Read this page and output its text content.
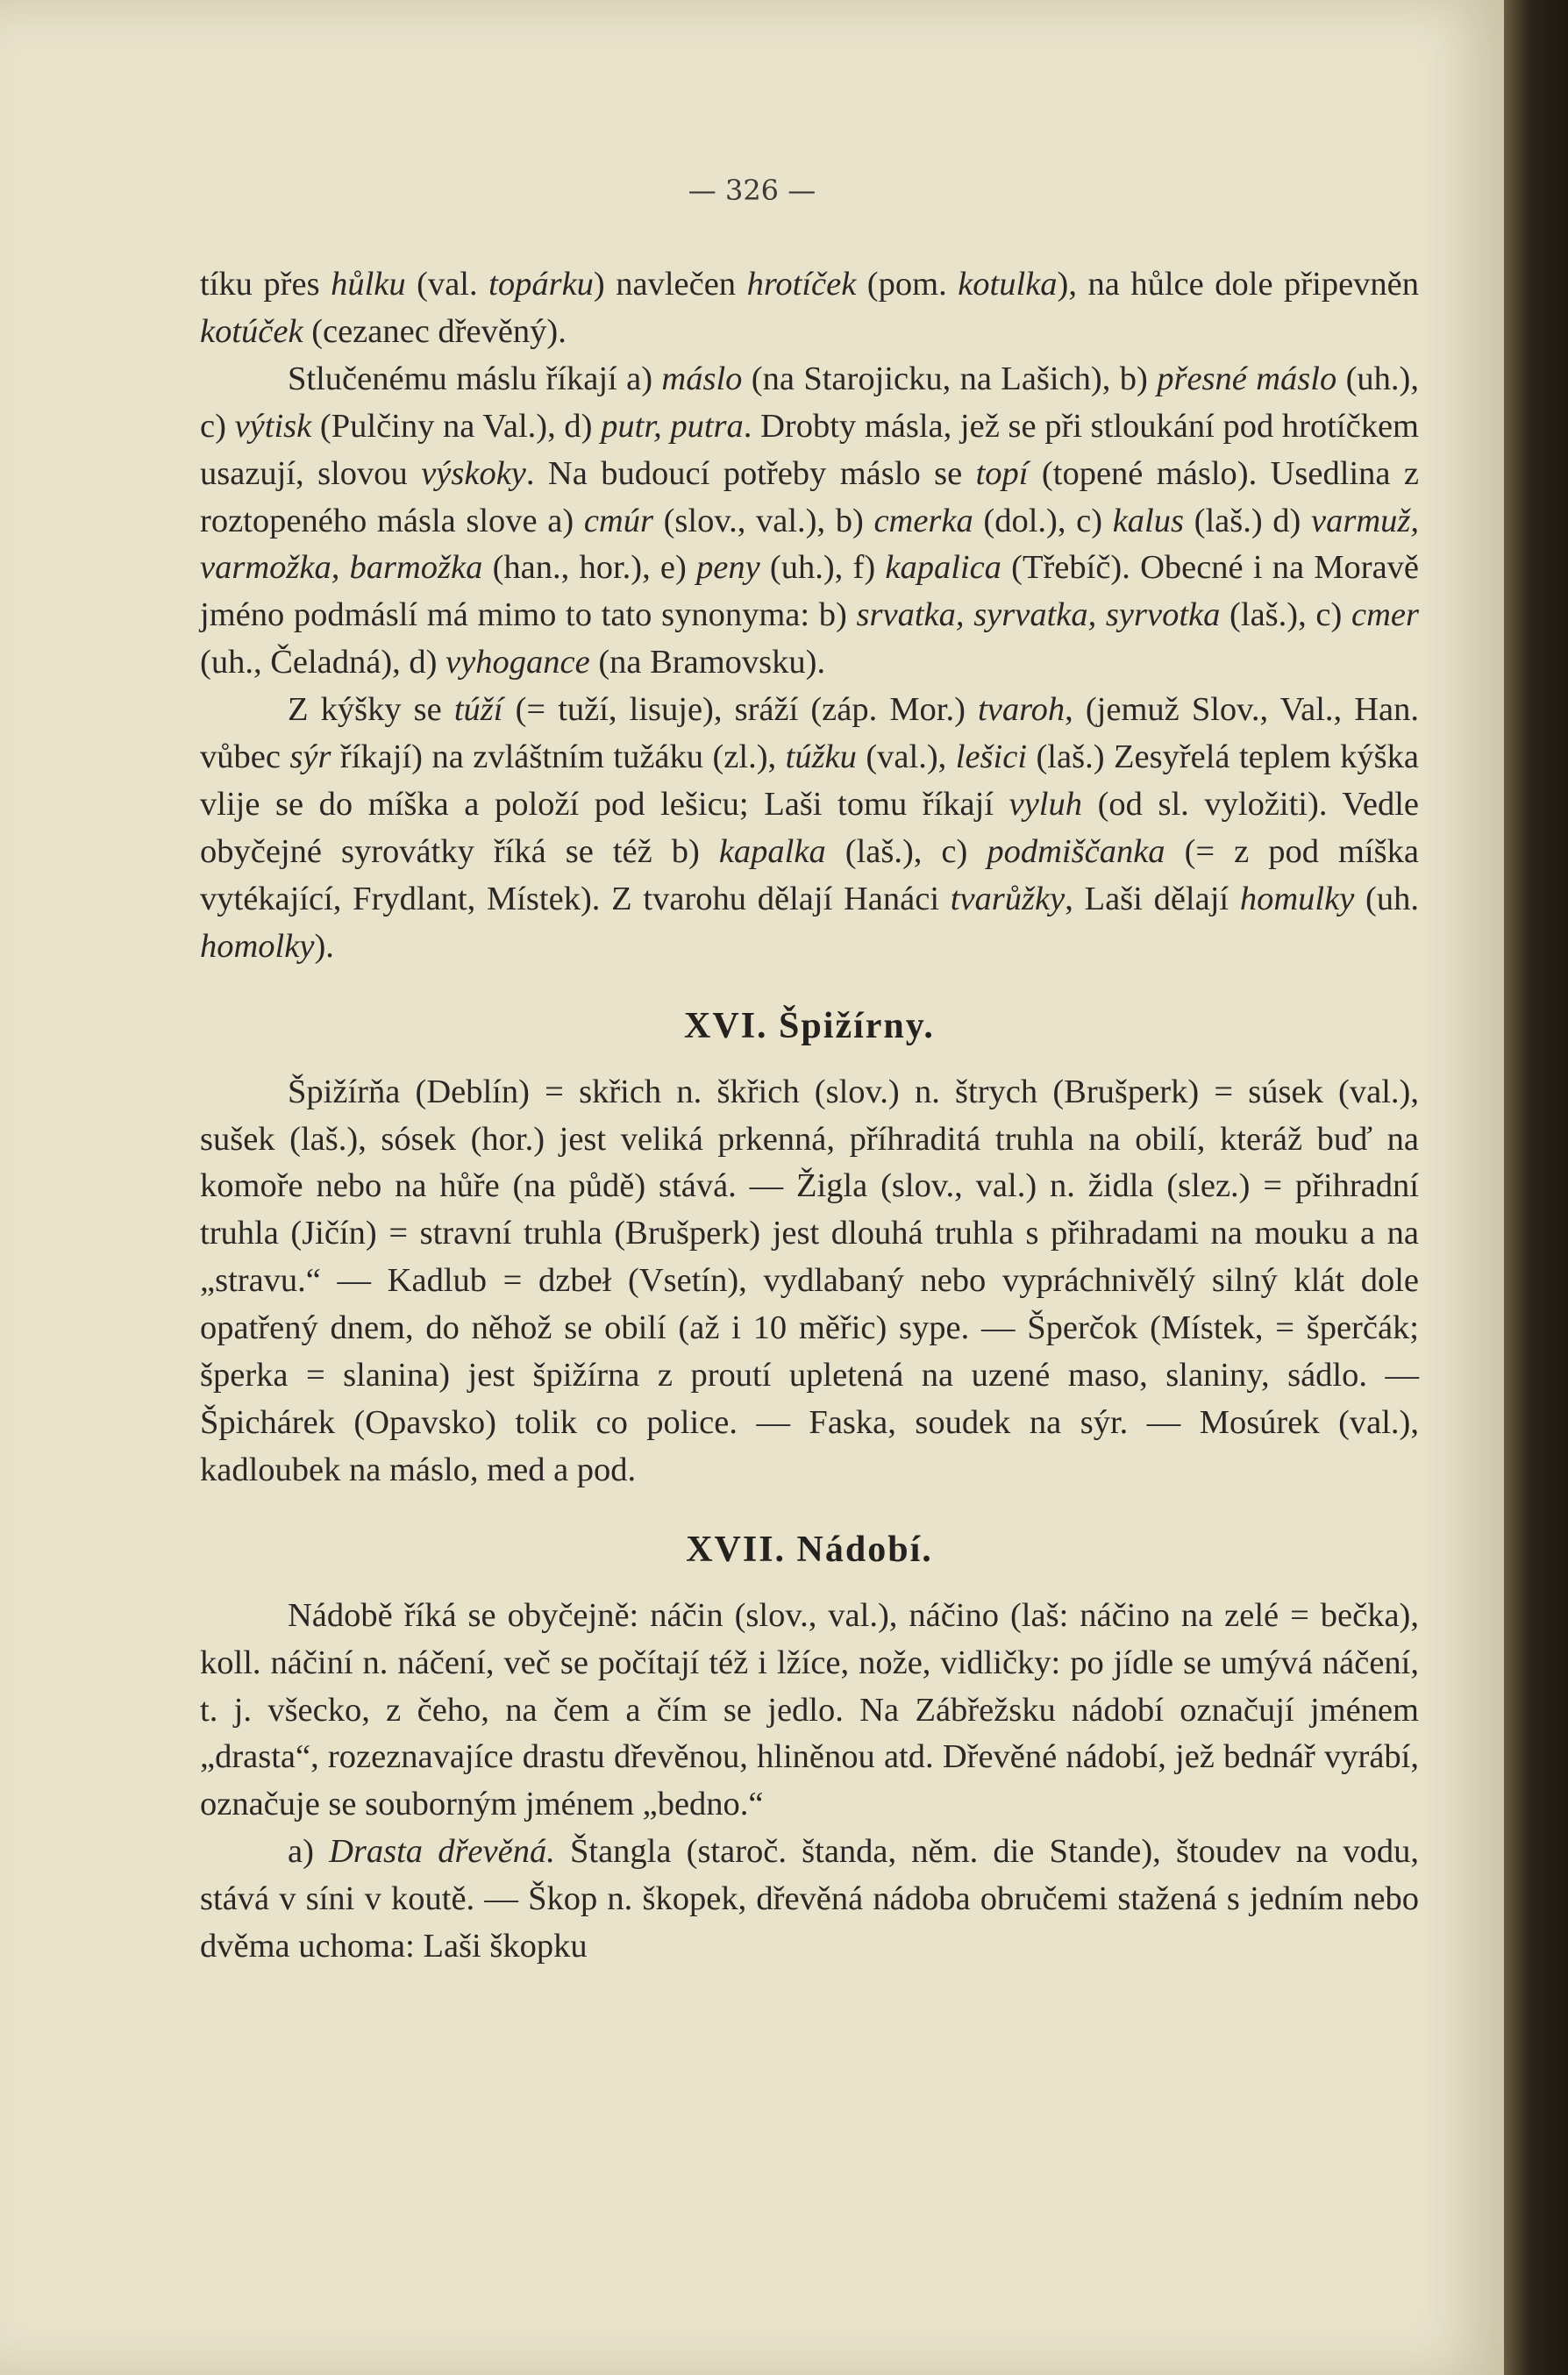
— 326 —

tíku přes hůlku (val. topárku) navlečen hrotíček (pom. kotulka), na hůlce dole připevněn kotúček (cezanec dřevěný).

Stlučenému máslu říkají a) máslo (na Starojicku, na Lašich), b) přesné máslo (uh.), c) výtisk (Pulčiny na Val.), d) putr, putra. Drobty másla, jež se při stloukání pod hrotíčkem usazují, slovou výskoky. Na budoucí potřeby máslo se topí (topené máslo). Usedlina z roztopeného másla slove a) cmúr (slov., val.), b) cmerka (dol.), c) kalus (laš.) d) varmuž, varmožka, barmožka (han., hor.), e) peny (uh.), f) kapalica (Třebíč). Obecné i na Moravě jméno podmáslí má mimo to tato synonyma: b) srvatka, syrvatka, syrvotka (laš.), c) cmer (uh., Čeladná), d) vyhogance (na Bramovsku).

Z kýšky se túží (= tuží, lisuje), sráží (záp. Mor.) tvaroh, (jemuž Slov., Val., Han. vůbec sýr říkají) na zvláštním tužáku (zl.), túžku (val.), lešici (laš.) Zesyřelá teplem kýška vlije se do míška a položí pod lešicu; Laši tomu říkají vyluh (od sl. vyložiti). Vedle obyčejné syrovátky říká se též b) kapalka (laš.), c) podmiščanka (= z pod míška vytékající, Frydlant, Místek). Z tvarohu dělají Hanáci tvarůžky, Laši dělají homulky (uh. homolky).

XVI. Špižírny.

Špižírňa (Deblín) = skřich n. škřich (slov.) n. štrych (Brušperk) = súsek (val.), sušek (laš.), sósek (hor.) jest veliká prkenná, příhraditá truhla na obilí, kteráž buď na komoře nebo na hůře (na půdě) stává. — Žigla (slov., val.) n. židla (slez.) = přihradní truhla (Jičín) = stravní truhla (Brušperk) jest dlouhá truhla s přihradami na mouku a na „stravu.“ — Kadlub = dzbeł (Vsetín), vydlabaný nebo vypráchnivělý silný klát dole opatřený dnem, do něhož se obilí (až i 10 měřic) sype. — Šperčok (Místek, = šperčák; šperka = slanina) jest špižírna z proutí upletená na uzené maso, slaniny, sádlo. — Špichárek (Opavsko) tolik co police. — Faska, soudek na sýr. — Mosúrek (val.), kadloubek na máslo, med a pod.

XVII. Nádobí.

Nádobě říká se obyčejně: náčin (slov., val.), náčino (laš: náčino na zelé = bečka), koll. náčiní n. náčení, več se počítají též i lžíce, nože, vidličky: po jídle se umývá náčení, t. j. všecko, z čeho, na čem a čím se jedlo. Na Zábřežsku nádobí označují jménem „drasta“, rozeznavajíce drastu dřevěnou, hliněnou atd. Dřevěné nádobí, jež bednář vyrábí, označuje se souborným jménem „bedno.“

a) Drasta dřevěná. Štangla (staroč. štanda, něm. die Stande), štoudev na vodu, stává v síni v koutě. — Škop n. škopek, dřevěná nádoba obručemi stažená s jedním nebo dvěma uchoma: Laši škopku
